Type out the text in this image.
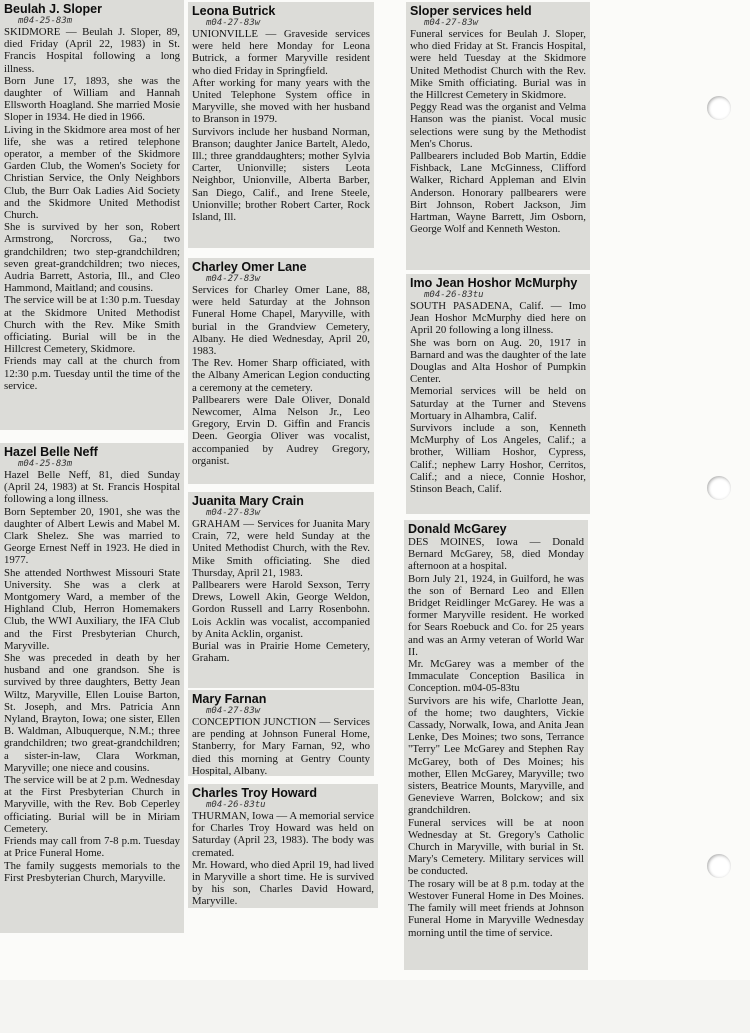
Beulah J. Sloper
m04-25-83m
SKIDMORE — Beulah J. Sloper, 89, died Friday (April 22, 1983) in St. Francis Hospital following a long illness.
Born June 17, 1893, she was the daughter of William and Hannah Ellsworth Hoagland. She married Mosie Sloper in 1934. He died in 1966.
Living in the Skidmore area most of her life, she was a retired telephone operator, a member of the Skidmore Garden Club, the Women's Society for Christian Service, the Only Neighbors Club, the Burr Oak Ladies Aid Society and the Skidmore United Methodist Church.
She is survived by her son, Robert Armstrong, Norcross, Ga.; two grandchildren; two step-grandchildren; seven great-grandchildren; two nieces, Audria Barrett, Astoria, Ill., and Cleo Hammond, Maitland; and cousins.
The service will be at 1:30 p.m. Tuesday at the Skidmore United Methodist Church with the Rev. Mike Smith officiating. Burial will be in the Hillcrest Cemetery, Skidmore.
Friends may call at the church from 12:30 p.m. Tuesday until the time of the service.
Hazel Belle Neff
m04-25-83m
Hazel Belle Neff, 81, died Sunday (April 24, 1983) at St. Francis Hospital following a long illness.
Born September 20, 1901, she was the daughter of Albert Lewis and Mabel M. Clark Shelez. She was married to George Ernest Neff in 1923. He died in 1977.
She attended Northwest Missouri State University. She was a clerk at Montgomery Ward, a member of the Highland Club, Herron Homemakers Club, the WWI Auxiliary, the IFA Club and the First Presbyterian Church, Maryville.
She was preceded in death by her husband and one grandson. She is survived by three daughters, Betty Jean Wiltz, Maryville, Ellen Louise Barton, St. Joseph, and Mrs. Patricia Ann Nyland, Brayton, Iowa; one sister, Ellen B. Waldman, Albuquerque, N.M.; three grandchildren; two great-grandchildren; a sister-in-law, Clara Workman, Maryville; one niece and cousins.
The service will be at 2 p.m. Wednesday at the First Presbyterian Church in Maryville, with the Rev. Bob Ceperley officiating. Burial will be in Miriam Cemetery.
Friends may call from 7-8 p.m. Tuesday at Price Funeral Home.
The family suggests memorials to the First Presbyterian Church, Maryville.
Leona Butrick
m04-27-83w
UNIONVILLE — Graveside services were held here Monday for Leona Butrick, a former Maryville resident who died Friday in Springfield.
After working for many years with the United Telephone System office in Maryville, she moved with her husband to Branson in 1979.
Survivors include her husband Norman, Branson; daughter Janice Bartelt, Aledo, Ill.; three granddaughters; mother Sylvia Carter, Unionville; sisters Leota Neighbor, Unionville, Alberta Barber, San Diego, Calif., and Irene Steele, Unionville; brother Robert Carter, Rock Island, Ill.
Charley Omer Lane
m04-27-83w
Services for Charley Omer Lane, 88, were held Saturday at the Johnson Funeral Home Chapel, Maryville, with burial in the Grandview Cemetery, Albany. He died Wednesday, April 20, 1983.
The Rev. Homer Sharp officiated, with the Albany American Legion conducting a ceremony at the cemetery.
Pallbearers were Dale Oliver, Donald Newcomer, Alma Nelson Jr., Leo Gregory, Ervin D. Giffin and Francis Deen. Georgia Oliver was vocalist, accompanied by Audrey Gregory, organist.
Juanita Mary Crain
m04-27-83w
GRAHAM — Services for Juanita Mary Crain, 72, were held Sunday at the United Methodist Church, with the Rev. Mike Smith officiating. She died Thursday, April 21, 1983.
Pallbearers were Harold Sexson, Terry Drews, Lowell Akin, George Weldon, Gordon Russell and Larry Rosenbohn. Lois Acklin was vocalist, accompanied by Anita Acklin, organist.
Burial was in Prairie Home Cemetery, Graham.
Mary Farnan
m04-27-83w
CONCEPTION JUNCTION — Services are pending at Johnson Funeral Home, Stanberry, for Mary Farnan, 92, who died this morning at Gentry County Hospital, Albany.
Charles Troy Howard
m04-26-83tu
THURMAN, Iowa — A memorial service for Charles Troy Howard was held on Saturday (April 23, 1983). The body was cremated.
Mr. Howard, who died April 19, had lived in Maryville a short time. He is survived by his son, Charles David Howard, Maryville.
Sloper services held
m04-27-83w
Funeral services for Beulah J. Sloper, who died Friday at St. Francis Hospital, were held Tuesday at the Skidmore United Methodist Church with the Rev. Mike Smith officiating. Burial was in the Hillcrest Cemetery in Skidmore.
Peggy Read was the organist and Velma Hanson was the pianist. Vocal music selections were sung by the Methodist Men's Chorus.
Pallbearers included Bob Martin, Eddie Fishback, Lane McGinness, Clifford Walker, Richard Appleman and Elvin Anderson. Honorary pallbearers were Birt Johnson, Robert Jackson, Jim Hartman, Wayne Barrett, Jim Osborn, George Wolf and Kenneth Weston.
Imo Jean Hoshor McMurphy
m04-26-83tu
SOUTH PASADENA, Calif. — Imo Jean Hoshor McMurphy died here on April 20 following a long illness.
She was born on Aug. 20, 1917 in Barnard and was the daughter of the late Douglas and Alta Hoshor of Pumpkin Center.
Memorial services will be held on Saturday at the Turner and Stevens Mortuary in Alhambra, Calif.
Survivors include a son, Kenneth McMurphy of Los Angeles, Calif.; a brother, William Hoshor, Cypress, Calif.; nephew Larry Hoshor, Cerritos, Calif.; and a niece, Connie Hoshor, Stinson Beach, Calif.
Donald McGarey
DES MOINES, Iowa — Donald Bernard McGarey, 58, died Monday afternoon at a hospital.
Born July 21, 1924, in Guilford, he was the son of Bernard Leo and Ellen Bridget Reidlinger McGarey. He was a former Maryville resident. He worked for Sears Roebuck and Co. for 25 years and was an Army veteran of World War II.
Mr. McGarey was a member of the Immaculate Conception Basilica in Conception. m04-05-83tu
Survivors are his wife, Charlotte Jean, of the home; two daughters, Vickie Cassady, Norwalk, Iowa, and Anita Jean Lenke, Des Moines; two sons, Terrance "Terry" Lee McGarey and Stephen Ray McGarey, both of Des Moines; his mother, Ellen McGarey, Maryville; two sisters, Beatrice Mounts, Maryville, and Genevieve Warren, Bolckow; and six grandchildren.
Funeral services will be at noon Wednesday at St. Gregory's Catholic Church in Maryville, with burial in St. Mary's Cemetery. Military services will be conducted.
The rosary will be at 8 p.m. today at the Westover Funeral Home in Des Moines. The family will meet friends at Johnson Funeral Home in Maryville Wednesday morning until the time of service.
